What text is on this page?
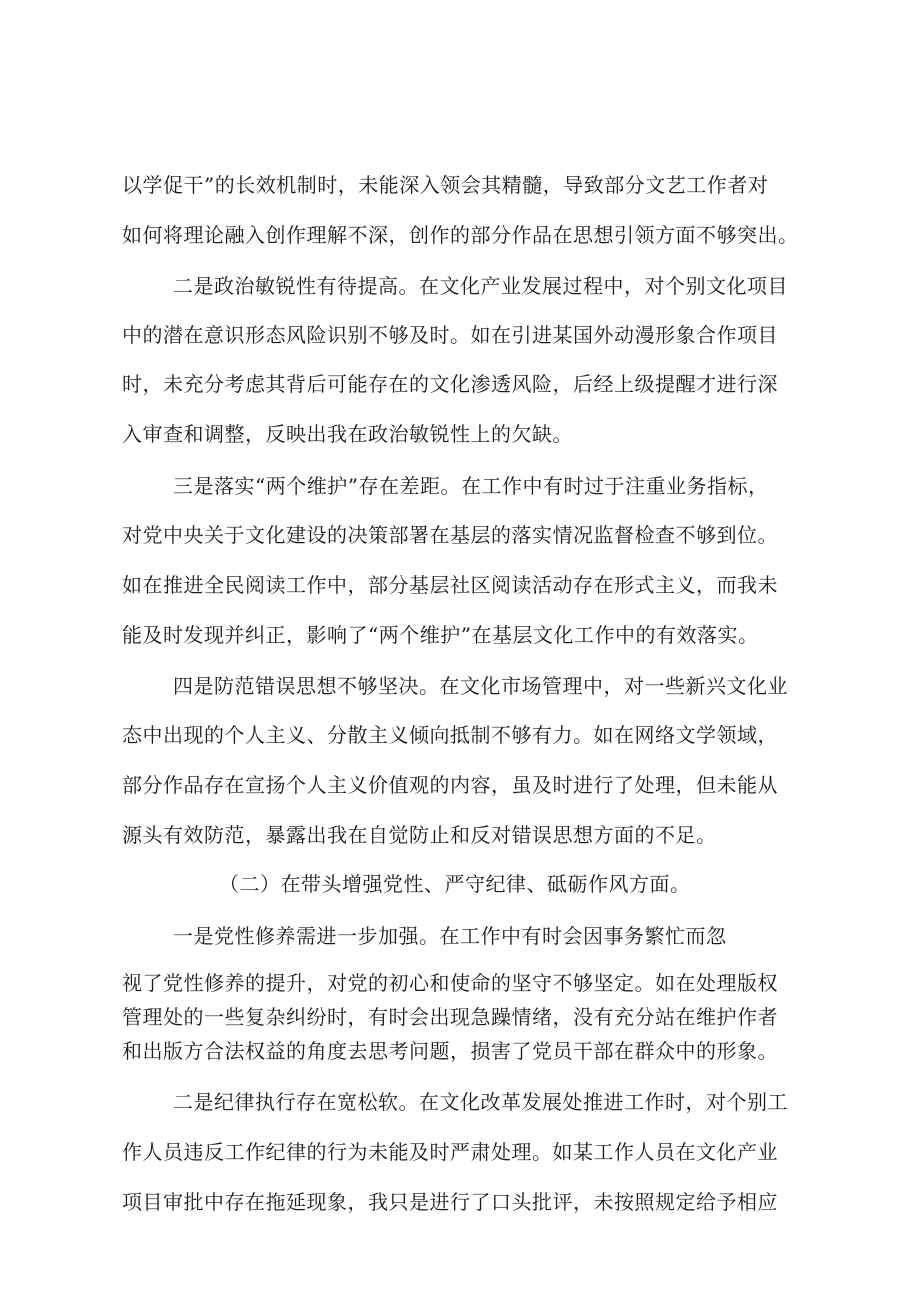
以学促干”的长效机制时，未能深入领会其精髓，导致部分文艺工作者对
如何将理论融入创作理解不深，创作的部分作品在思想引领方面不够突出。
二是政治敏锐性有待提高。在文化产业发展过程中，对个别文化项目
中的潜在意识形态风险识别不够及时。如在引进某国外动漫形象合作项目
时，未充分考虑其背后可能存在的文化渗透风险，后经上级提醒才进行深
入审查和调整，反映出我在政治敏锐性上的欠缺。
三是落实“两个维护”存在差距。在工作中有时过于注重业务指标，
对党中央关于文化建设的决策部署在基层的落实情况监督检查不够到位。
如在推进全民阅读工作中，部分基层社区阅读活动存在形式主义，而我未
能及时发现并纠正，影响了“两个维护”在基层文化工作中的有效落实。
四是防范错误思想不够坚决。在文化市场管理中，对一些新兴文化业
态中出现的个人主义、分散主义倾向抵制不够有力。如在网络文学领域，
部分作品存在宣扬个人主义价值观的内容，虽及时进行了处理，但未能从
源头有效防范，暴露出我在自觉防止和反对错误思想方面的不足。
（二）在带头增强党性、严守纪律、砥砺作风方面。
一是党性修养需进一步加强。在工作中有时会因事务繁忙而忽
视了党性修养的提升，对党的初心和使命的坚守不够坚定。如在处理版权
管理处的一些复杂纠纷时，有时会出现急躁情绪，没有充分站在维护作者
和出版方合法权益的角度去思考问题，损害了党员干部在群众中的形象。
二是纪律执行存在宽松软。在文化改革发展处推进工作时，对个别工
作人员违反工作纪律的行为未能及时严肃处理。如某工作人员在文化产业
项目审批中存在拖延现象，我只是进行了口头批评，未按照规定给予相应
